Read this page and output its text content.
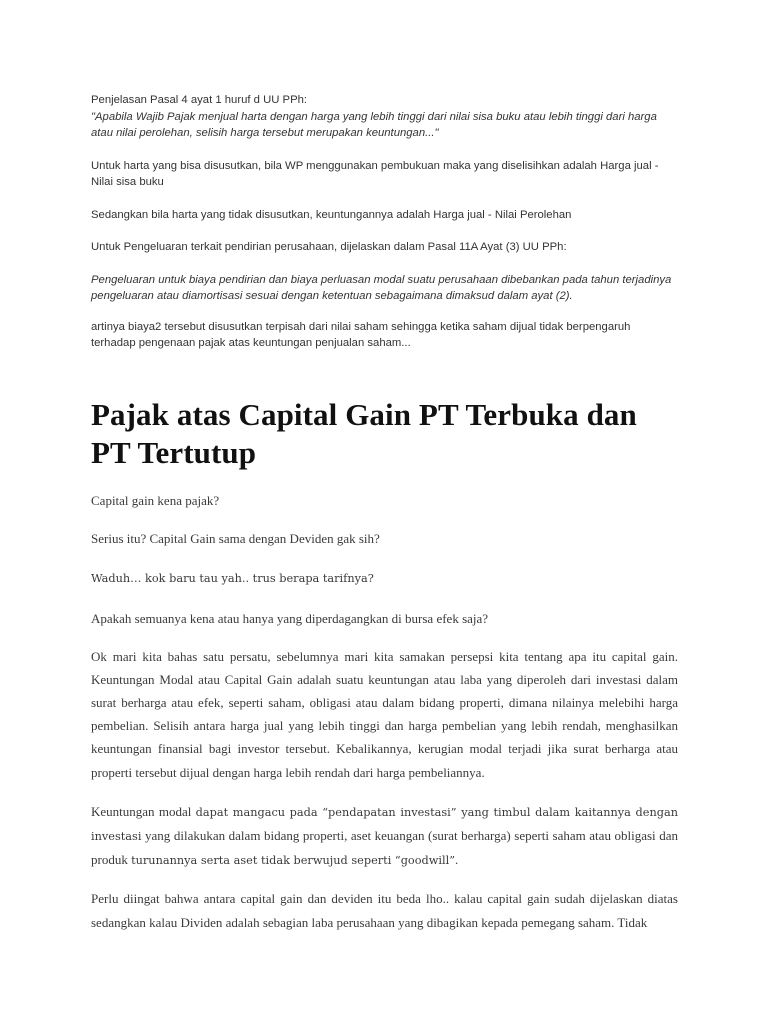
Penjelasan Pasal 4 ayat 1 huruf d UU PPh:

"Apabila Wajib Pajak menjual harta dengan harga yang lebih tinggi dari nilai sisa buku atau lebih tinggi dari harga atau nilai perolehan, selisih harga tersebut merupakan keuntungan..."

Untuk harta yang bisa disusutkan, bila WP menggunakan pembukuan maka yang diselisihkan adalah Harga jual - Nilai sisa buku

Sedangkan bila harta yang tidak disusutkan, keuntungannya adalah Harga jual - Nilai Perolehan

Untuk Pengeluaran terkait pendirian perusahaan, dijelaskan dalam Pasal 11A Ayat (3) UU PPh:

Pengeluaran untuk biaya pendirian dan biaya perluasan modal suatu perusahaan dibebankan pada tahun terjadinya pengeluaran atau diamortisasi sesuai dengan ketentuan sebagaimana dimaksud dalam ayat (2).

artinya biaya2 tersebut disusutkan terpisah dari nilai saham sehingga ketika saham dijual tidak berpengaruh terhadap pengenaan pajak atas keuntungan penjualan saham...

Pajak atas Capital Gain PT Terbuka dan PT Tertutup

Capital gain kena pajak?

Serius itu? Capital Gain sama dengan Deviden gak sih?

Waduh… kok baru tau yah.. trus berapa tarifnya?

Apakah semuanya kena atau hanya yang diperdagangkan di bursa efek saja?

Ok mari kita bahas satu persatu, sebelumnya mari kita samakan persepsi kita tentang apa itu capital gain. Keuntungan Modal atau Capital Gain adalah suatu keuntungan atau laba yang diperoleh dari investasi dalam surat berharga atau efek, seperti saham, obligasi atau dalam bidang properti, dimana nilainya melebihi harga pembelian. Selisih antara harga jual yang lebih tinggi dan harga pembelian yang lebih rendah, menghasilkan keuntungan finansial bagi investor tersebut. Kebalikannya, kerugian modal terjadi jika surat berharga atau properti tersebut dijual dengan harga lebih rendah dari harga pembeliannya.

Keuntungan modal dapat mangacu pada “pendapatan investasi” yang timbul dalam kaitannya dengan investasi yang dilakukan dalam bidang properti, aset keuangan (surat berharga) seperti saham atau obligasi dan produk turunannya serta aset tidak berwujud seperti “goodwill”.

Perlu diingat bahwa antara capital gain dan deviden itu beda lho.. kalau capital gain sudah dijelaskan diatas sedangkan kalau Dividen adalah sebagian laba perusahaan yang dibagikan kepada pemegang saham. Tidak
